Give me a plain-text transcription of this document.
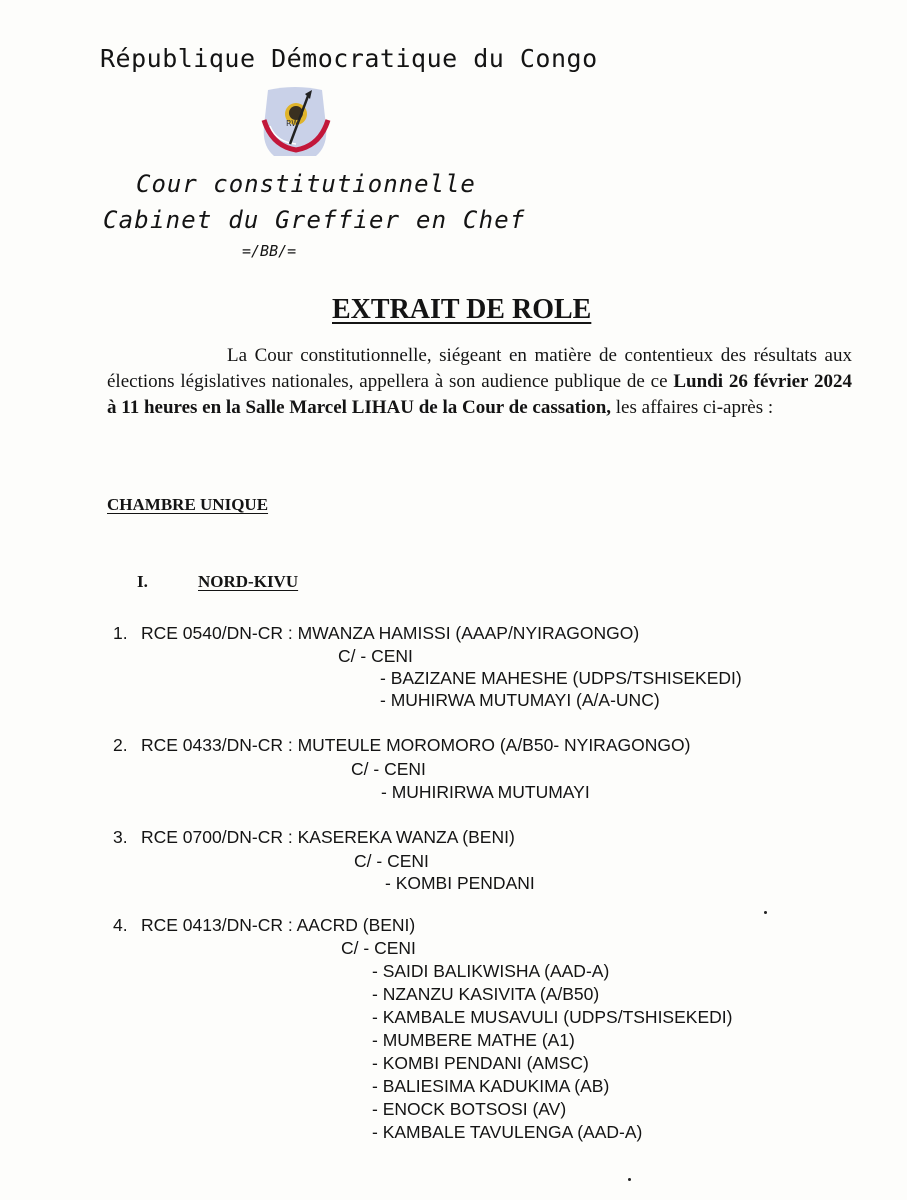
République Démocratique du Congo
RW
Cour constitutionnelle
Cabinet du Greffier en Chef
=/BB/=
EXTRAIT DE ROLE
La Cour constitutionnelle, siégeant en matière de contentieux des résultats aux élections législatives nationales, appellera à son audience publique de ce Lundi 26 février 2024 à 11 heures en la Salle Marcel LIHAU de la Cour de cassation, les affaires ci-après :
CHAMBRE UNIQUE
I.	NORD-KIVU
1. RCE 0540/DN-CR : MWANZA HAMISSI (AAAP/NYIRAGONGO)
C/ - CENI
- BAZIZANE MAHESHE (UDPS/TSHISEKEDI)
- MUHIRWA MUTUMAYI (A/A-UNC)
2. RCE 0433/DN-CR : MUTEULE MOROMORO (A/B50- NYIRAGONGO)
C/ - CENI
- MUHIRIRWA MUTUMAYI
3. RCE 0700/DN-CR : KASEREKA WANZA (BENI)
C/ - CENI
- KOMBI PENDANI
4. RCE 0413/DN-CR : AACRD (BENI)
C/ - CENI
- SAIDI BALIKWISHA (AAD-A)
- NZANZU KASIVITA (A/B50)
- KAMBALE MUSAVULI (UDPS/TSHISEKEDI)
- MUMBERE MATHE (A1)
- KOMBI PENDANI (AMSC)
- BALIESIMA KADUKIMA (AB)
- ENOCK BOTSOSI (AV)
- KAMBALE TAVULENGA (AAD-A)
